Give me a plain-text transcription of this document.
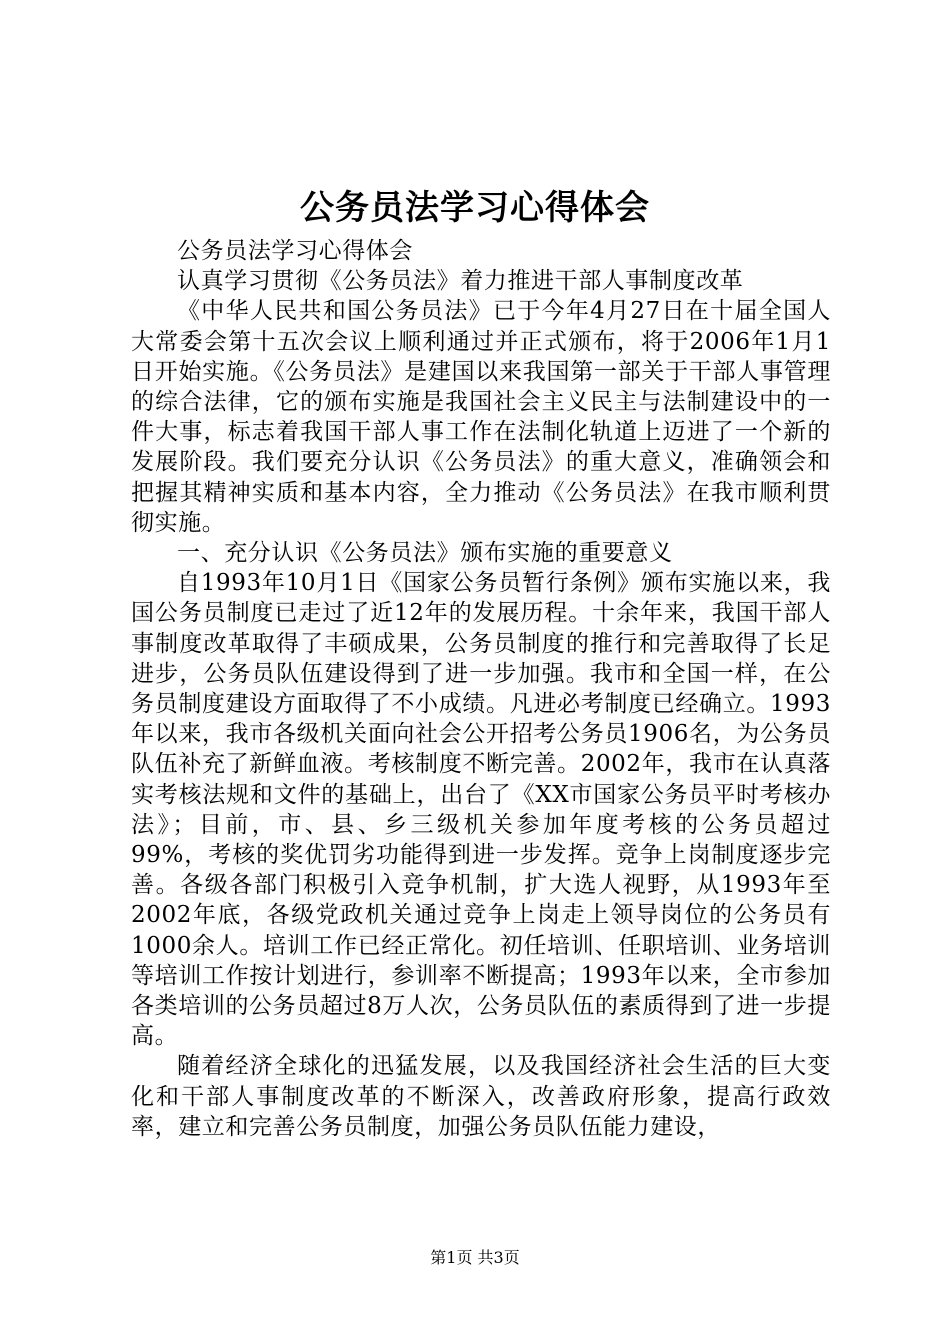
公务员法学习心得体会

公务员法学习心得体会

认真学习贯彻《公务员法》着力推进干部人事制度改革

《中华人民共和国公务员法》已于今年4月27日在十届全国人大常委会第十五次会议上顺利通过并正式颁布，将于2006年1月1日开始实施。《公务员法》是建国以来我国第一部关于干部人事管理的综合法律，它的颁布实施是我国社会主义民主与法制建设中的一件大事，标志着我国干部人事工作在法制化轨道上迈进了一个新的发展阶段。我们要充分认识《公务员法》的重大意义，准确领会和把握其精神实质和基本内容，全力推动《公务员法》在我市顺利贯彻实施。

一、充分认识《公务员法》颁布实施的重要意义

自1993年10月1日《国家公务员暂行条例》颁布实施以来，我国公务员制度已走过了近12年的发展历程。十余年来，我国干部人事制度改革取得了丰硕成果，公务员制度的推行和完善取得了长足进步，公务员队伍建设得到了进一步加强。我市和全国一样，在公务员制度建设方面取得了不小成绩。凡进必考制度已经确立。1993年以来，我市各级机关面向社会公开招考公务员1906名，为公务员队伍补充了新鲜血液。考核制度不断完善。2002年，我市在认真落实考核法规和文件的基础上，出台了《XX市国家公务员平时考核办法》；目前，市、县、乡三级机关参加年度考核的公务员超过99%，考核的奖优罚劣功能得到进一步发挥。竞争上岗制度逐步完善。各级各部门积极引入竞争机制，扩大选人视野，从1993年至2002年底，各级党政机关通过竞争上岗走上领导岗位的公务员有1000余人。培训工作已经正常化。初任培训、任职培训、业务培训等培训工作按计划进行，参训率不断提高；1993年以来，全市参加各类培训的公务员超过8万人次，公务员队伍的素质得到了进一步提高。

随着经济全球化的迅猛发展，以及我国经济社会生活的巨大变化和干部人事制度改革的不断深入，改善政府形象，提高行政效率，建立和完善公务员制度，加强公务员队伍能力建设，

第1页 共3页
